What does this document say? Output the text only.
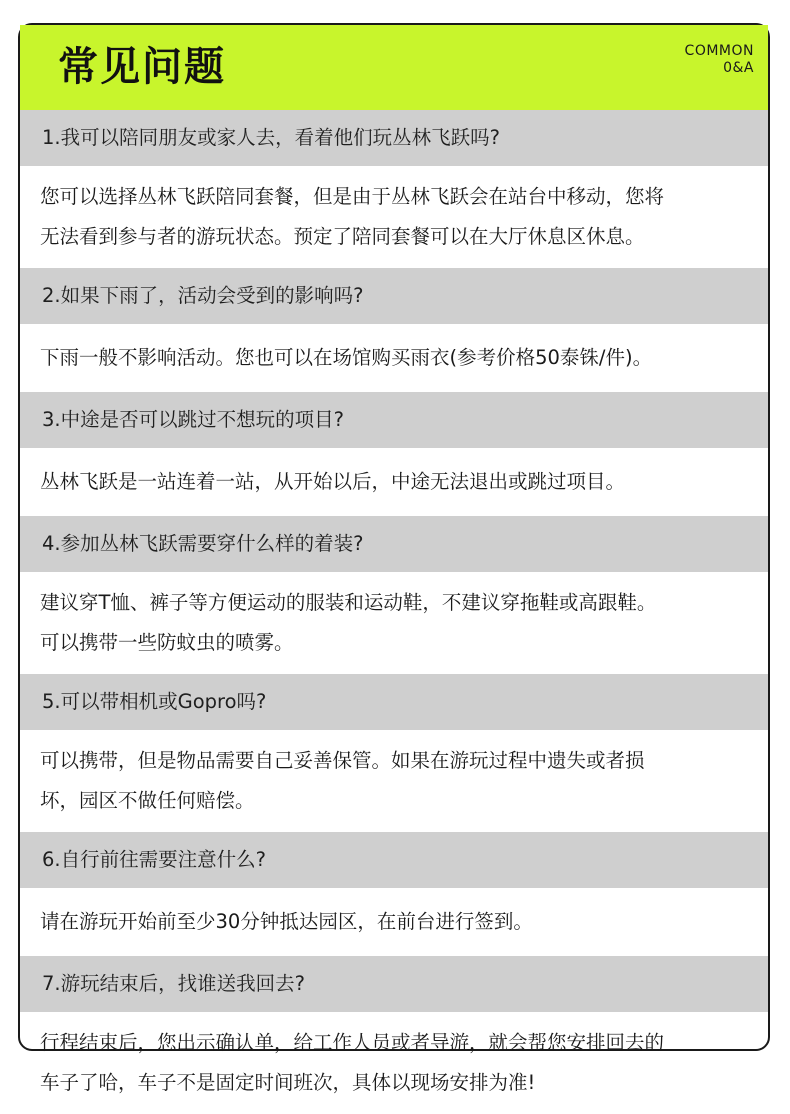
常见问题	COMMON
0&A
1.我可以陪同朋友或家人去，看着他们玩丛林飞跃吗?

您可以选择丛林飞跃陪同套餐，但是由于丛林飞跃会在站台中移动，您将

无法看到参与者的游玩状态。预定了陪同套餐可以在大厅休息区休息。

2.如果下雨了，活动会受到的影响吗?

下雨一般不影响活动。您也可以在场馆购买雨衣(参考价格50泰铢/件)。

3.中途是否可以跳过不想玩的项目?

丛林飞跃是一站连着一站，从开始以后，中途无法退出或跳过项目。

4.参加丛林飞跃需要穿什么样的着装?

建议穿T恤、裤子等方便运动的服装和运动鞋，不建议穿拖鞋或高跟鞋。

可以携带一些防蚊虫的喷雾。

5.可以带相机或Gopro吗?

可以携带，但是物品需要自己妥善保管。如果在游玩过程中遗失或者损

坏，园区不做任何赔偿。

6.自行前往需要注意什么?

请在游玩开始前至少30分钟抵达园区，在前台进行签到。

7.游玩结束后，找谁送我回去?

行程结束后，您出示确认单，给工作人员或者导游，就会帮您安排回去的

车子了哈，车子不是固定时间班次，具体以现场安排为准!
